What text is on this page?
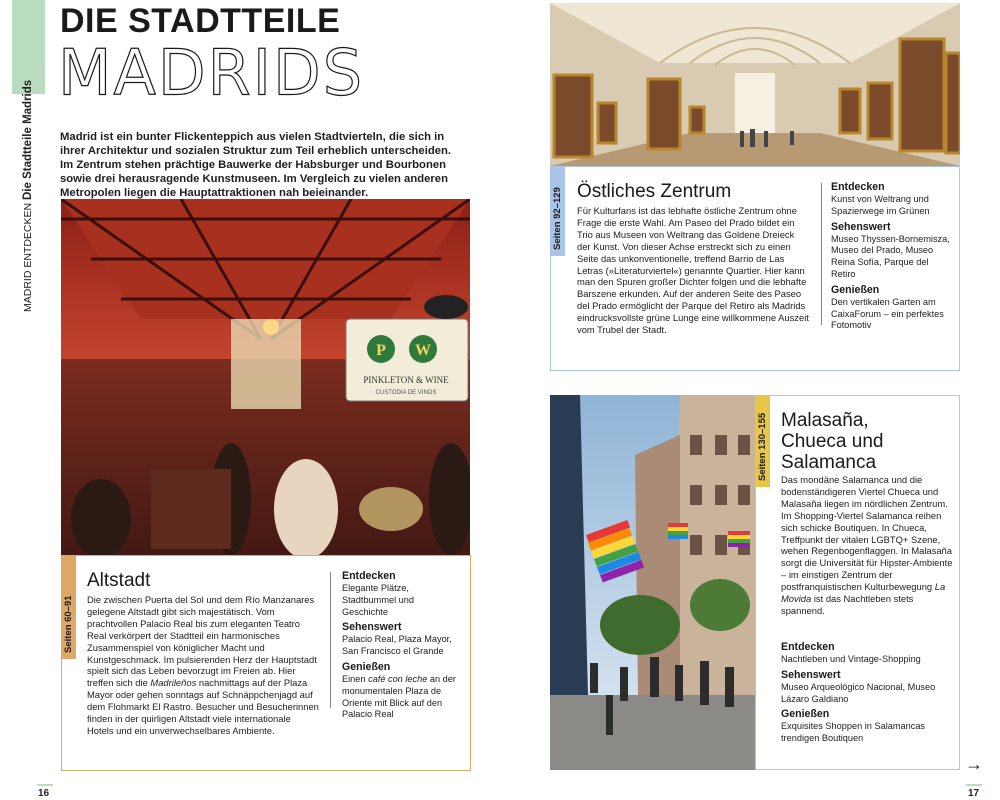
MADRID ENTDECKEN Die Stadtteile Madrids
DIE STADTTEILE
MADRIDS
Madrid ist ein bunter Flickenteppich aus vielen Stadtvierteln, die sich in ihrer Architektur und sozialen Struktur zum Teil erheblich unterscheiden. Im Zentrum stehen prächtige Bauwerke der Habsburger und Bourbonen sowie drei herausragende Kunstmuseen. Im Vergleich zu vielen anderen Metropolen liegen die Hauptattraktionen nah beieinander.
P W
PINKLETON & WINE
CUSTODIA DE VINOS
Seiten 60–91
Altstadt
Die zwischen Puerta del Sol und dem Río Manzanares gelegene Altstadt gibt sich majestätisch. Vom prachtvollen Palacio Real bis zum eleganten Teatro Real verkörpert der Stadtteil ein harmonisches Zusammenspiel von königlicher Macht und Kunstgeschmack. Im pulsierenden Herz der Hauptstadt spielt sich das Leben bevorzugt im Freien ab. Hier treffen sich die Madrileños nachmittags auf der Plaza Mayor oder gehen sonntags auf Schnäppchenjagd auf dem Flohmarkt El Rastro. Besucher und Besucherinnen finden in der quirligen Altstadt viele internationale Hotels und ein unverwechselbares Ambiente.
Entdecken

Elegante Plätze, Stadtbummel und Geschichte

Sehenswert

Palacio Real, Plaza Mayor, San Francisco el Grande

Genießen

Einen café con leche an der monumentalen Plaza de Oriente mit Blick auf den Palacio Real

16
Seiten 92–129 Östliches Zentrum
Für Kulturfans ist das lebhafte östliche Zentrum ohne Frage die erste Wahl. Am Paseo del Prado bildet ein Trio aus Museen von Weltrang das Goldene Dreieck der Kunst. Von dieser Achse erstreckt sich zu einen Seite das unkonventionelle, treffend Barrio de Las Letras (»Literaturviertel«) genannte Quartier. Hier kann man den Spuren großer Dichter folgen und die lebhafte Barszene erkunden. Auf der anderen Seite des Paseo del Prado ermöglicht der Parque del Retiro als Madrids eindrucksvollste grüne Lunge eine willkommene Auszeit vom Trubel der Stadt.
Entdecken

Kunst von Weltrang und Spazierwege im Grünen

Sehenswert

Museo Thyssen-Bornemisza, Museo del Prado, Museo Reina Sofía, Parque del Retiro

Genießen

Den vertikalen Garten am CaixaForum – ein perfektes Fotomotiv

Seiten 130–155 Malasaña,
Chueca und
Salamanca
Das mondäne Salamanca und die bodenständigeren Viertel Chueca und Malasaña liegen im nördlichen Zentrum. Im Shopping-Viertel Salamanca reihen sich schicke Boutiquen. In Chueca, Treffpunkt der vitalen LGBTQ+ Szene, wehen Regenbogenflaggen. In Malasaña sorgt die Universität für Hipster-Ambiente – im einstigen Zentrum der postfranquistischen Kulturbewegung La Movida ist das Nachtleben stets spannend.
Entdecken

Nachtleben und Vintage-Shopping

Sehenswert

Museo Arqueológico Nacional, Museo Lázaro Galdiano

Genießen

Exquisites Shoppen in Salamancas trendigen Boutiquen

→
17
